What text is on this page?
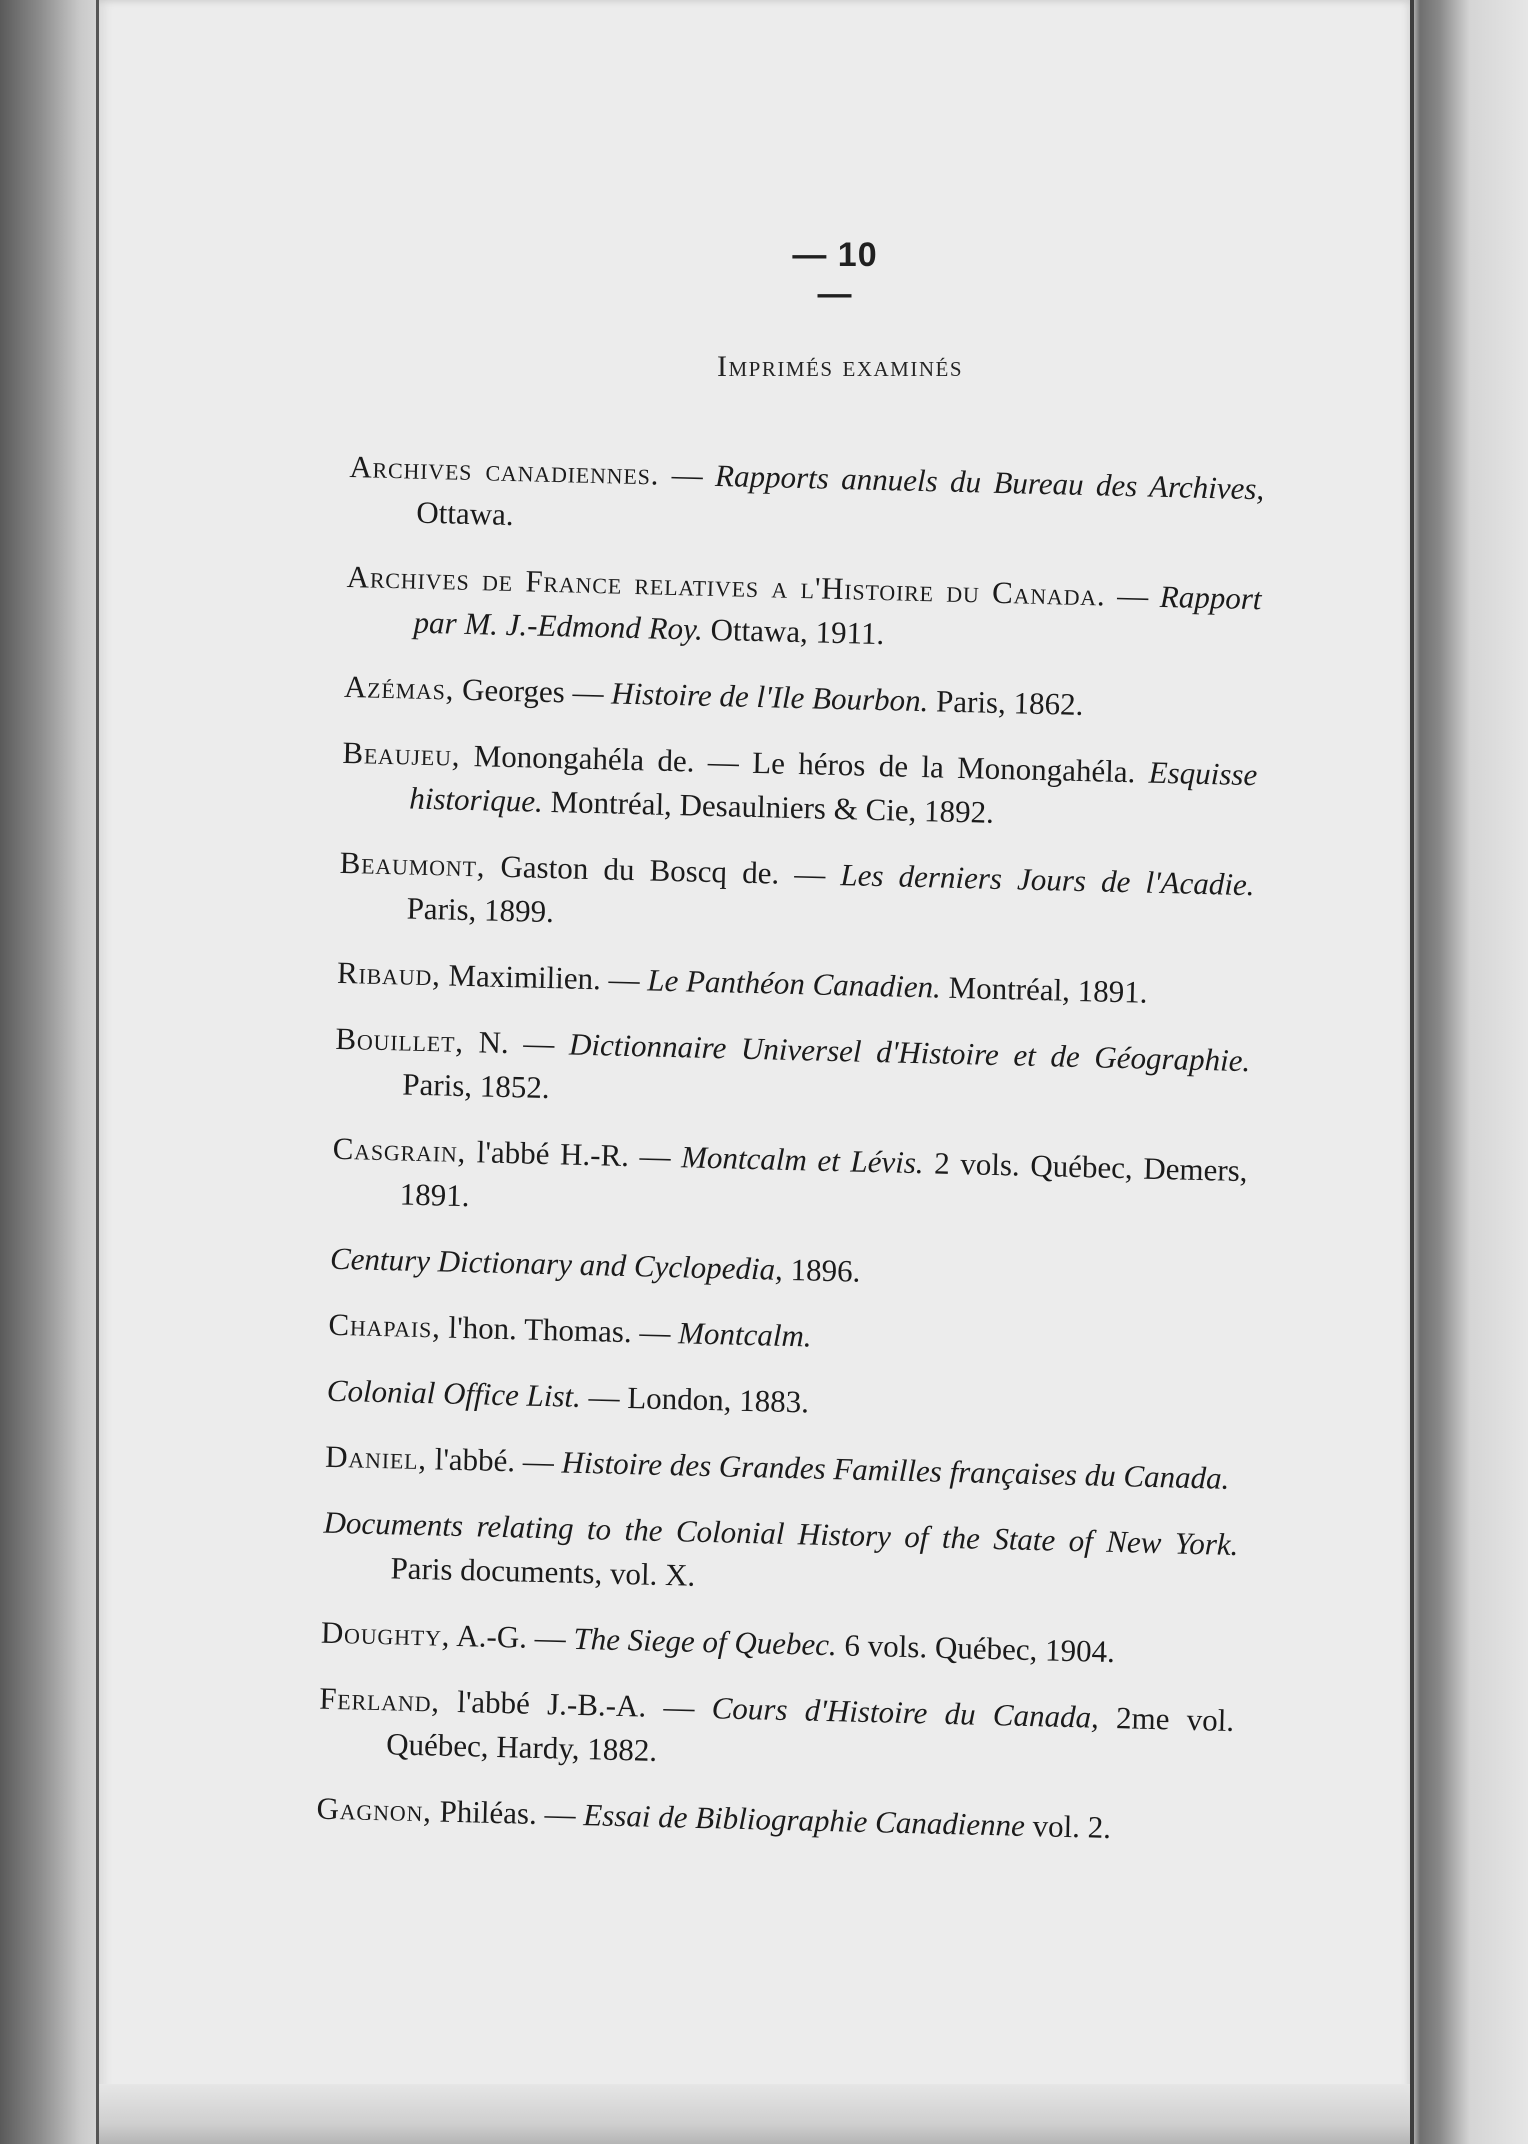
— 10 —
Imprimés examinés

Archives canadiennes. — Rapports annuels du Bureau des Archives, Ottawa.

Archives de France relatives a l'Histoire du Canada. — Rapport par M. J.-Edmond Roy. Ottawa, 1911.

Azémas, Georges — Histoire de l'Ile Bourbon. Paris, 1862.

Beaujeu, Monongahéla de. — Le héros de la Monongahéla. Esquisse historique. Montréal, Desaulniers & Cie, 1892.

Beaumont, Gaston du Boscq de. — Les derniers Jours de l'Acadie. Paris, 1899.

Ribaud, Maximilien. — Le Panthéon Canadien. Montréal, 1891.

Bouillet, N. — Dictionnaire Universel d'Histoire et de Géographie. Paris, 1852.

Casgrain, l'abbé H.-R. — Montcalm et Lévis. 2 vols. Québec, Demers, 1891.

Century Dictionary and Cyclopedia, 1896.

Chapais, l'hon. Thomas. — Montcalm.

Colonial Office List. — London, 1883.

Daniel, l'abbé. — Histoire des Grandes Familles françaises du Canada.

Documents relating to the Colonial History of the State of New York. Paris documents, vol. X.

Doughty, A.-G. — The Siege of Quebec. 6 vols. Québec, 1904.

Ferland, l'abbé J.-B.-A. — Cours d'Histoire du Canada, 2me vol. Québec, Hardy, 1882.

Gagnon, Philéas. — Essai de Bibliographie Canadienne vol. 2.
